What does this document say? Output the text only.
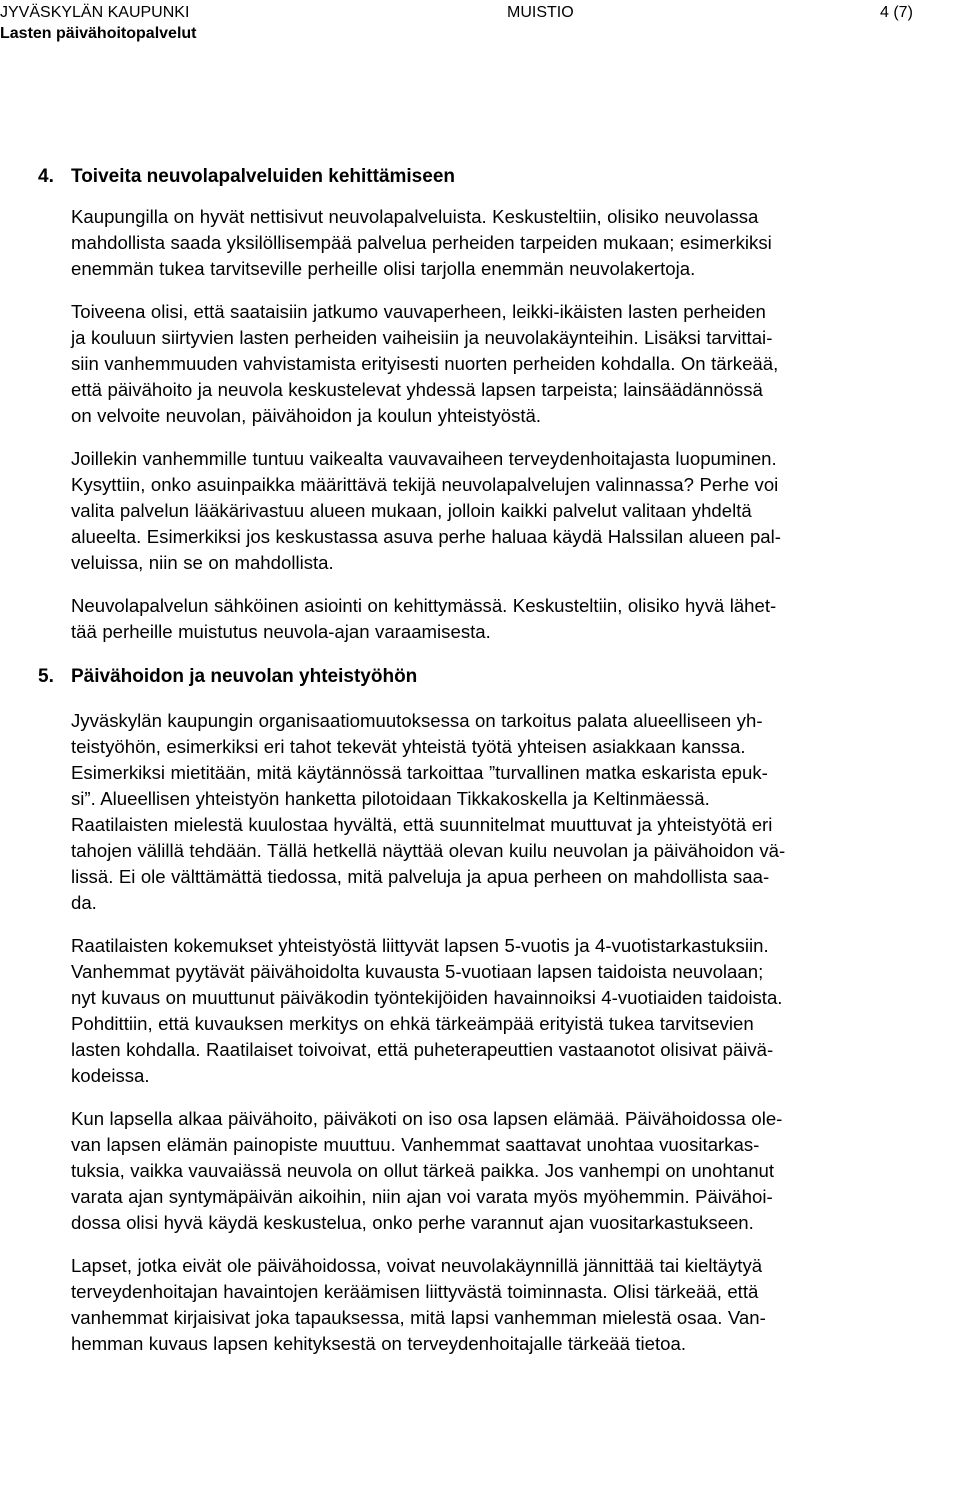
JYVÄSKYLÄN KAUPUNKI
Lasten päivähoitopalvelut
MUISTIO	4 (7)
4. Toiveita neuvolapalveluiden kehittämiseen

Kaupungilla on hyvät nettisivut neuvolapalveluista. Keskusteltiin, olisiko neuvolassa
mahdollista saada yksilöllisempää palvelua perheiden tarpeiden mukaan; esimerkiksi
enemmän tukea tarvitseville perheille olisi tarjolla enemmän neuvolakertoja.

Toiveena olisi, että saataisiin jatkumo vauvaperheen, leikki-ikäisten lasten perheiden
ja kouluun siirtyvien lasten perheiden vaiheisiin ja neuvolakäynteihin. Lisäksi tarvittai-
siin vanhemmuuden vahvistamista erityisesti nuorten perheiden kohdalla. On tärkeää,
että päivähoito ja neuvola keskustelevat yhdessä lapsen tarpeista; lainsäädännössä
on velvoite neuvolan, päivähoidon ja koulun yhteistyöstä.

Joillekin vanhemmille tuntuu vaikealta vauvavaiheen terveydenhoitajasta luopuminen.
Kysyttiin, onko asuinpaikka määrittävä tekijä neuvolapalvelujen valinnassa? Perhe voi
valita palvelun lääkärivastuu alueen mukaan, jolloin kaikki palvelut valitaan yhdeltä
alueelta. Esimerkiksi jos keskustassa asuva perhe haluaa käydä Halssilan alueen pal-
veluissa, niin se on mahdollista.

Neuvolapalvelun sähköinen asiointi on kehittymässä. Keskusteltiin, olisiko hyvä lähet-
tää perheille muistutus neuvola-ajan varaamisesta.

5. Päivähoidon ja neuvolan yhteistyöhön

Jyväskylän kaupungin organisaatiomuutoksessa on tarkoitus palata alueelliseen yh-
teistyöhön, esimerkiksi eri tahot tekevät yhteistä työtä yhteisen asiakkaan kanssa.
Esimerkiksi mietitään, mitä käytännössä tarkoittaa ”turvallinen matka eskarista epuk-
si”. Alueellisen yhteistyön hanketta pilotoidaan Tikkakoskella ja Keltinmäessä.
Raatilaisten mielestä kuulostaa hyvältä, että suunnitelmat muuttuvat ja yhteistyötä eri
tahojen välillä tehdään. Tällä hetkellä näyttää olevan kuilu neuvolan ja päivähoidon vä-
lissä. Ei ole välttämättä tiedossa, mitä palveluja ja apua perheen on mahdollista saa-
da.

Raatilaisten kokemukset yhteistyöstä liittyvät lapsen 5-vuotis ja 4-vuotistarkastuksiin.
Vanhemmat pyytävät päivähoidolta kuvausta 5-vuotiaan lapsen taidoista neuvolaan;
nyt kuvaus on muuttunut päiväkodin työntekijöiden havainnoiksi 4-vuotiaiden taidoista.
Pohdittiin, että kuvauksen merkitys on ehkä tärkeämpää erityistä tukea tarvitsevien
lasten kohdalla. Raatilaiset toivoivat, että puheterapeuttien vastaanotot olisivat päivä-
kodeissa.

Kun lapsella alkaa päivähoito, päiväkoti on iso osa lapsen elämää. Päivähoidossa ole-
van lapsen elämän painopiste muuttuu. Vanhemmat saattavat unohtaa vuositarkas-
tuksia, vaikka vauvaiässä neuvola on ollut tärkeä paikka. Jos vanhempi on unohtanut
varata ajan syntymäpäivän aikoihin, niin ajan voi varata myös myöhemmin. Päivähoi-
dossa olisi hyvä käydä keskustelua, onko perhe varannut ajan vuositarkastukseen.

Lapset, jotka eivät ole päivähoidossa, voivat neuvolakäynnillä jännittää tai kieltäytyä
terveydenhoitajan havaintojen keräämisen liittyvästä toiminnasta. Olisi tärkeää, että
vanhemmat kirjaisivat joka tapauksessa, mitä lapsi vanhemman mielestä osaa. Van-
hemman kuvaus lapsen kehityksestä on terveydenhoitajalle tärkeää tietoa.
